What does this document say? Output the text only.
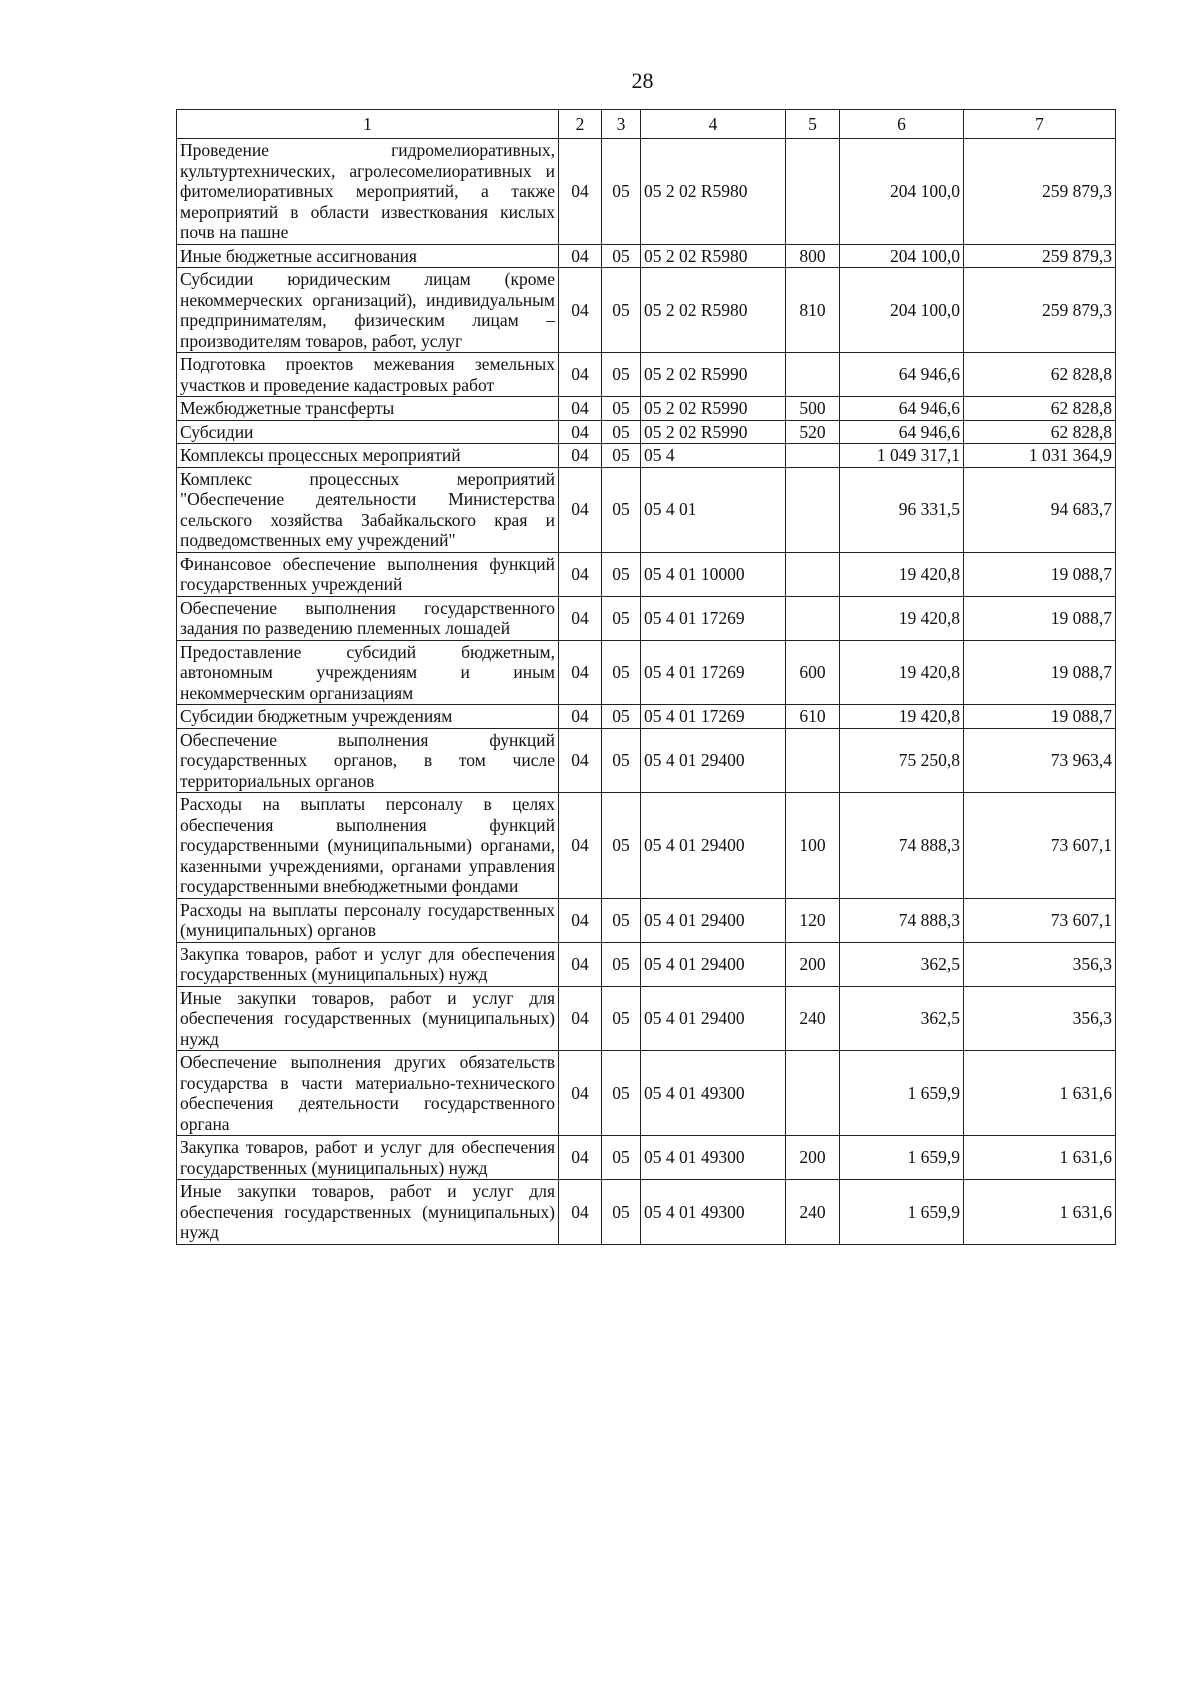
28
1	2	3	4	5	6	7
Проведение гидромелиоративных, культуртехнических, агролесомелиоративных и фитомелиоративных мероприятий, а также мероприятий в области известкования кислых почв на пашне	04	05	05 2 02 R5980		204 100,0	259 879,3
Иные бюджетные ассигнования	04	05	05 2 02 R5980	800	204 100,0	259 879,3
Субсидии юридическим лицам (кроме некоммерческих организаций), индивидуальным предпринимателям, физическим лицам – производителям товаров, работ, услуг	04	05	05 2 02 R5980	810	204 100,0	259 879,3
Подготовка проектов межевания земельных участков и проведение кадастровых работ	04	05	05 2 02 R5990		64 946,6	62 828,8
Межбюджетные трансферты	04	05	05 2 02 R5990	500	64 946,6	62 828,8
Субсидии	04	05	05 2 02 R5990	520	64 946,6	62 828,8
Комплексы процессных мероприятий	04	05	05 4		1 049 317,1	1 031 364,9
Комплекс процессных мероприятий "Обеспечение деятельности Министерства сельского хозяйства Забайкальского края и подведомственных ему учреждений"	04	05	05 4 01		96 331,5	94 683,7
Финансовое обеспечение выполнения функций государственных учреждений	04	05	05 4 01 10000		19 420,8	19 088,7
Обеспечение выполнения государственного задания по разведению племенных лошадей	04	05	05 4 01 17269		19 420,8	19 088,7
Предоставление субсидий бюджетным, автономным учреждениям и иным некоммерческим организациям	04	05	05 4 01 17269	600	19 420,8	19 088,7
Субсидии бюджетным учреждениям	04	05	05 4 01 17269	610	19 420,8	19 088,7
Обеспечение выполнения функций государственных органов, в том числе территориальных органов	04	05	05 4 01 29400		75 250,8	73 963,4
Расходы на выплаты персоналу в целях обеспечения выполнения функций государственными (муниципальными) органами, казенными учреждениями, органами управления государственными внебюджетными фондами	04	05	05 4 01 29400	100	74 888,3	73 607,1
Расходы на выплаты персоналу государственных (муниципальных) органов	04	05	05 4 01 29400	120	74 888,3	73 607,1
Закупка товаров, работ и услуг для обеспечения государственных (муниципальных) нужд	04	05	05 4 01 29400	200	362,5	356,3
Иные закупки товаров, работ и услуг для обеспечения государственных (муниципальных) нужд	04	05	05 4 01 29400	240	362,5	356,3
Обеспечение выполнения других обязательств государства в части материально-технического обеспечения деятельности государственного органа	04	05	05 4 01 49300		1 659,9	1 631,6
Закупка товаров, работ и услуг для обеспечения государственных (муниципальных) нужд	04	05	05 4 01 49300	200	1 659,9	1 631,6
Иные закупки товаров, работ и услуг для обеспечения государственных (муниципальных) нужд	04	05	05 4 01 49300	240	1 659,9	1 631,6
